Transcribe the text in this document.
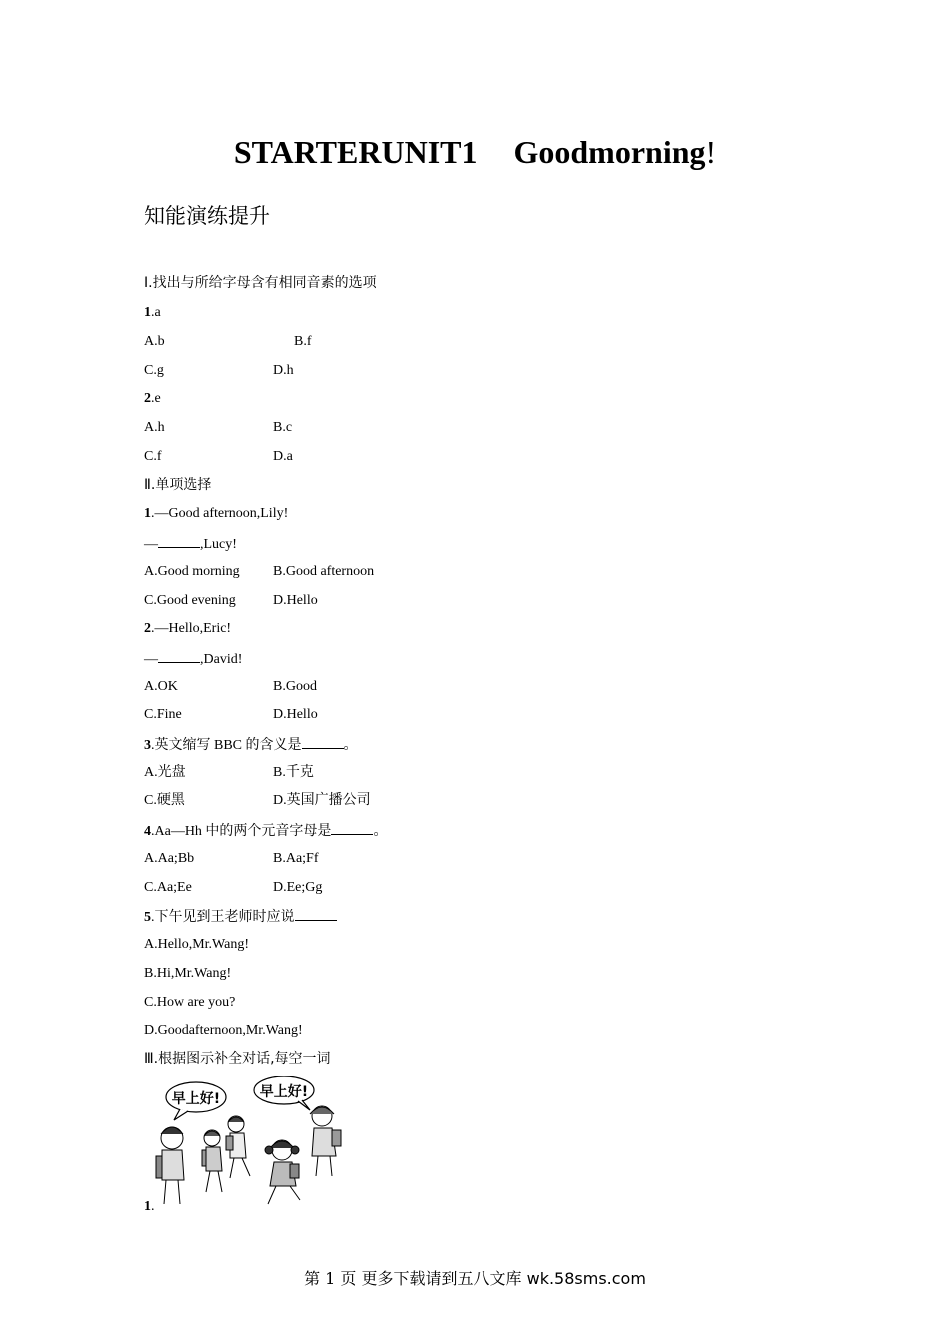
STARTERUNIT1 Goodmorning!
知能演练提升
Ⅰ.找出与所给字母含有相同音素的选项
1.a
A.b	B.f
C.g	D.h
2.e
A.h	B.c
C.f	D.a
Ⅱ.单项选择
1.—Good afternoon,Lily!
—	,Lucy!
A.Good morning B.Good afternoon
C.Good evening	D.Hello
2.—Hello,Eric!
—	,David!
A.OK	B.Good
C.Fine	D.Hello
3.英文缩写 BBC 的含义是	。
A.光盘	B.千克
C.硬黑	D.英国广播公司
4.Aa—Hh 中的两个元音字母是	。
A.Aa;Bb	B.Aa;Ff
C.Aa;Ee	D.Ee;Gg
5.下午见到王老师时应说
A.Hello,Mr.Wang!
B.Hi,Mr.Wang!
C.How are you?
D.Goodafternoon,Mr.Wang!
Ⅲ.根据图示补全对话,每空一词
早上好!	早上好!
1.
第 1 页 更多下载请到五八文库 wk.58sms.com
